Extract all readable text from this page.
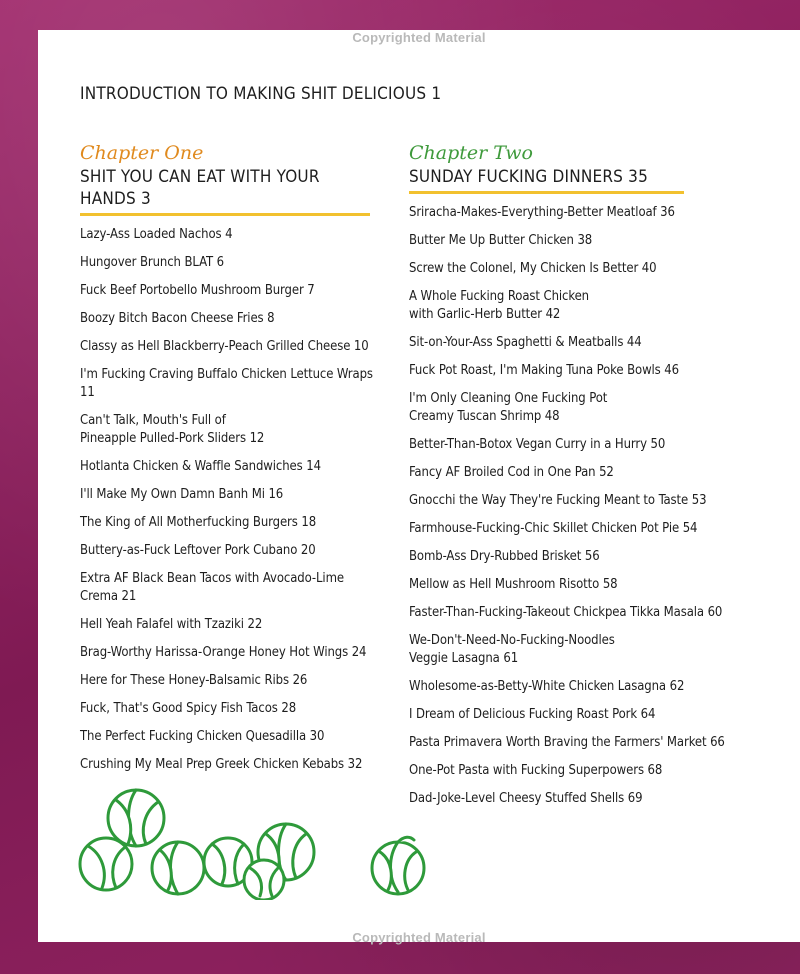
Copyrighted Material
INTRODUCTION TO MAKING SHIT DELICIOUS 1
Chapter One
SHIT YOU CAN EAT WITH YOUR HANDS 3
Lazy-Ass Loaded Nachos 4
Hungover Brunch BLAT 6
Fuck Beef Portobello Mushroom Burger 7
Boozy Bitch Bacon Cheese Fries 8
Classy as Hell Blackberry-Peach Grilled Cheese 10
I'm Fucking Craving Buffalo Chicken Lettuce Wraps 11
Can't Talk, Mouth's Full of
Pineapple Pulled-Pork Sliders 12
Hotlanta Chicken & Waffle Sandwiches 14
I'll Make My Own Damn Banh Mi 16
The King of All Motherfucking Burgers 18
Buttery-as-Fuck Leftover Pork Cubano 20
Extra AF Black Bean Tacos with Avocado-Lime Crema 21
Hell Yeah Falafel with Tzaziki 22
Brag-Worthy Harissa-Orange Honey Hot Wings 24
Here for These Honey-Balsamic Ribs 26
Fuck, That's Good Spicy Fish Tacos 28
The Perfect Fucking Chicken Quesadilla 30
Crushing My Meal Prep Greek Chicken Kebabs 32
Chapter Two
SUNDAY FUCKING DINNERS 35
Sriracha-Makes-Everything-Better Meatloaf 36
Butter Me Up Butter Chicken 38
Screw the Colonel, My Chicken Is Better 40
A Whole Fucking Roast Chicken
with Garlic-Herb Butter 42
Sit-on-Your-Ass Spaghetti & Meatballs 44
Fuck Pot Roast, I'm Making Tuna Poke Bowls 46
I'm Only Cleaning One Fucking Pot
Creamy Tuscan Shrimp 48
Better-Than-Botox Vegan Curry in a Hurry 50
Fancy AF Broiled Cod in One Pan 52
Gnocchi the Way They're Fucking Meant to Taste 53
Farmhouse-Fucking-Chic Skillet Chicken Pot Pie 54
Bomb-Ass Dry-Rubbed Brisket 56
Mellow as Hell Mushroom Risotto 58
Faster-Than-Fucking-Takeout Chickpea Tikka Masala 60
We-Don't-Need-No-Fucking-Noodles
Veggie Lasagna 61
Wholesome-as-Betty-White Chicken Lasagna 62
I Dream of Delicious Fucking Roast Pork 64
Pasta Primavera Worth Braving the Farmers' Market 66
One-Pot Pasta with Fucking Superpowers 68
Dad-Joke-Level Cheesy Stuffed Shells 69
Copyrighted Material
